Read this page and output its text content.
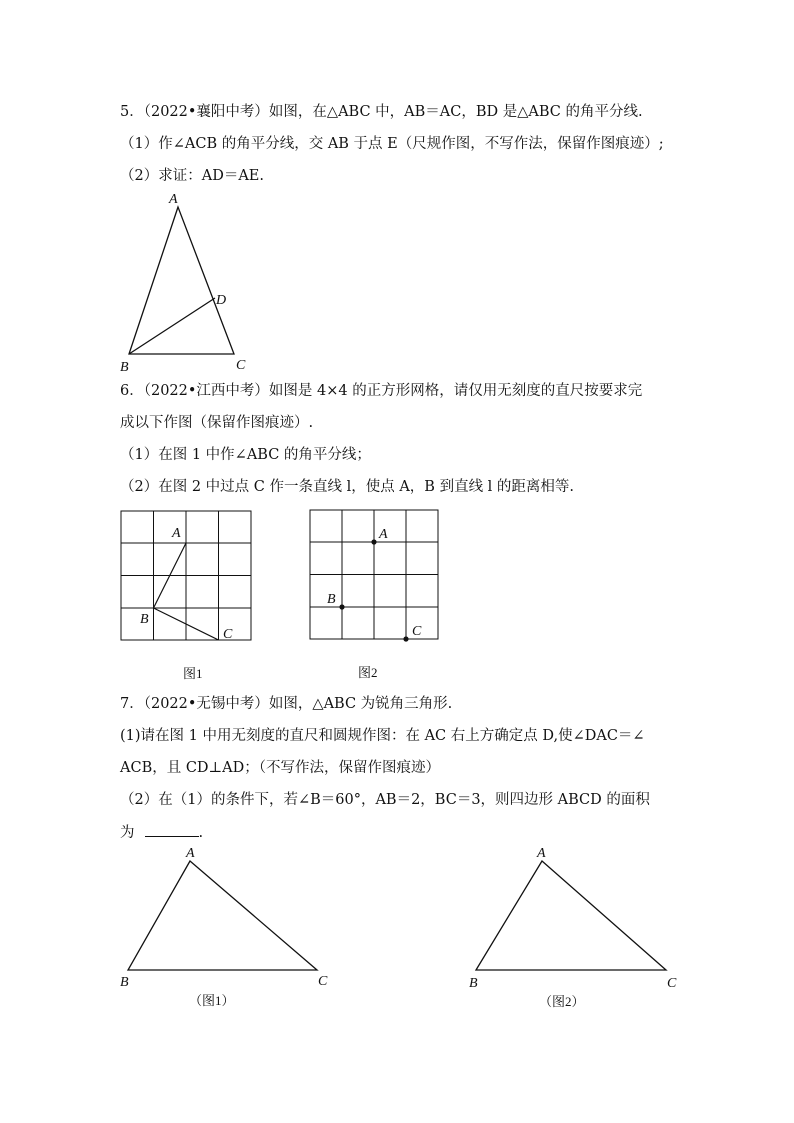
5．（2022•襄阳中考）如图，在△ABC 中，AB＝AC，BD 是△ABC 的角平分线.
（1）作∠ACB 的角平分线，交 AB 于点 E（尺规作图，不写作法，保留作图痕迹）;
（2）求证：AD＝AE.
6．（2022•江西中考）如图是 4×4 的正方形网格，请仅用无刻度的直尺按要求完
成以下作图（保留作图痕迹）.
（1）在图 1 中作∠ABC 的角平分线；
（2）在图 2 中过点 C 作一条直线 l，使点 A，B 到直线 l 的距离相等.
7．（2022•无锡中考）如图，△ABC 为锐角三角形.
(1)请在图 1 中用无刻度的直尺和圆规作图：在 AC 右上方确定点 D,使∠DAC＝∠
ACB，且 CD⊥AD；（不写作法，保留作图痕迹）
（2）在（1）的条件下，若∠B＝60°，AB＝2，BC＝3，则四边形 ABCD 的面积
为	.
A
B	C
D
A
B
C
图1
A
B
C
图2
A
B	C
（图1）
A
B	C
（图2）
